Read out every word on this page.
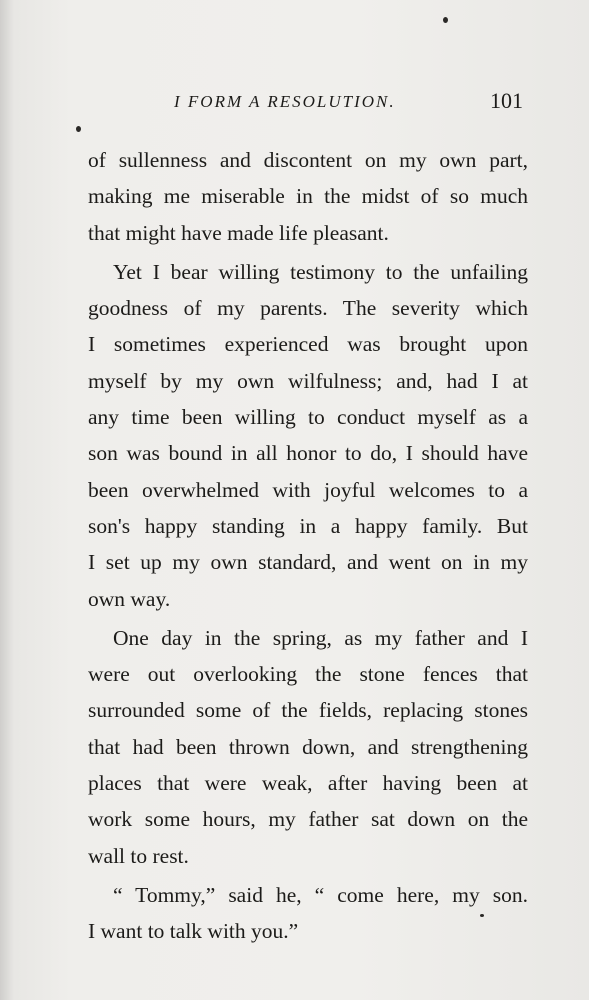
I FORM A RESOLUTION.	101
of sullenness and discontent on my own part,
making me miserable in the midst of so much
that might have made life pleasant.
Yet I bear willing testimony to the unfailing
goodness of my parents. The severity which
I sometimes experienced was brought upon
myself by my own wilfulness; and, had I at
any time been willing to conduct myself as a
son was bound in all honor to do, I should have
been overwhelmed with joyful welcomes to a
son's happy standing in a happy family. But
I set up my own standard, and went on in my
own way.
One day in the spring, as my father and I
were out overlooking the stone fences that
surrounded some of the fields, replacing stones
that had been thrown down, and strengthening
places that were weak, after having been at
work some hours, my father sat down on the
wall to rest.
“ Tommy,” said he, “ come here, my son.
I want to talk with you.”
